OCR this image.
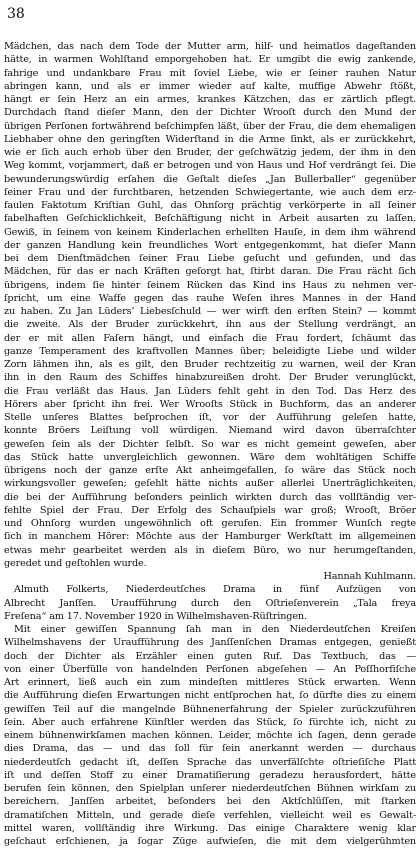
38
Mädchen, das nach dem Tode der Mutter arm, hilf- und heimatlos dageſtanden
hätte, in warmen Wohlſtand emporgehoben hat. Er umgibt die ewig zankende,
fahrige und undankbare Frau mit ſoviel Liebe, wie er ſeiner rauhen Natur
abringen kann, und als er immer wieder auf kalte, muffige Abwehr ſtößt,
hängt er ſein Herz an ein armes, krankes Kätzchen, das er zärtlich pflegt.
Durchdach ſtand dieſer Mann, den der Dichter Wrooſt durch den Mund der
übrigen Perſonen fortwährend beſchimpfen läßt, über der Frau, die dem ehemaligen
Liebhaber ohne den geringſten Widerſtand in die Arme ſinkt, als er zurückkehrt,
wie er ſich auch erhob über den Bruder, der geſchwätzig jedem, der ihm in den
Weg kommt, vorjammert, daß er betrogen und von Haus und Hof verdrängt ſei. Die
bewunderungswürdig erſahen die Geſtalt dieſes „Jan Bullerballer“ gegenüber
ſeiner Frau und der furchtbaren, hetzenden Schwiegertante, wie auch dem erz-
faulen Faktotum Kriſtian Guhl, das Ohnſorg prächtig verkörperte in all ſeiner
fabelhaften Geſchicklichkeit, Beſchäftigung nicht in Arbeit ausarten zu laſſen.
Gewiß, in ſeinem von keinem Kinderlachen erhellten Hauſe, in dem ihm während
der ganzen Handlung kein freundliches Wort entgegenkommt, hat dieſer Mann
bei dem Dienſtmädchen ſeiner Frau Liebe geſucht und gefunden, und das
Mädchen, für das er nach Kräften geſorgt hat, ſtirbt daran. Die Frau rächt ſich
übrigens, indem ſie hinter ſeinem Rücken das Kind ins Haus zu nehmen ver-
ſpricht, um eine Waffe gegen das rauhe Weſen ihres Mannes in der Hand
zu haben. Zu Jan Lüders’ Liebesſchuld — wer wirft den erſten Stein? — kommt
die zweite. Als der Bruder zurückkehrt, ihn aus der Stellung verdrängt, an
der er mit allen Faſern hängt, und einfach die Frau fordert, ſchäumt das
ganze Temperament des kraftvollen Mannes über; beleidigte Liebe und wilder
Zorn lähmen ihn, als es gilt, den Bruder rechtzeitig zu warnen, weil der Kran
ihn in den Raum des Schiffes hinabzureißen droht. Der Bruder verunglückt,
die Frau verläßt das Haus. Jan Lüders fehlt geht in den Tod. Das Herz des
Hörers aber ſpricht ihn frei. Wer Wrooſts Stück in Buchform, das an anderer
Stelle unſeres Blattes beſprochen iſt, vor der Aufführung geleſen hatte,
konnte Bröers Leiſtung voll würdigen. Niemand wird davon überraſchter
geweſen ſein als der Dichter ſelbſt. So war es nicht gemeint geweſen, aber
das Stück hatte unvergleichlich gewonnen. Wäre dem wohltätigen Schiffe
übrigens noch der ganze erſte Akt anheimgefallen, ſo wäre das Stück noch
wirkungsvoller geweſen; geſehlt hätte nichts außer allerlei Unerträglichkeiten,
die bei der Aufführung beſonders peinlich wirkten durch das vollſtändig ver-
fehlte Spiel der Frau. Der Erfolg des Schauſpiels war groß; Wrooſt, Bröer
und Ohnſorg wurden ungewöhnlich oft gerufen. Ein frommer Wunſch regte
ſich in manchem Hörer: Möchte aus der Hamburger Werkſtatt im allgemeinen
etwas mehr gearbeitet werden als in dieſem Büro, wo nur herumgeſtanden,
geredet und geſtohlen wurde.
Hannah Kuhlmann.
Almuth Folkerts, Niederdeutſches Drama in fünf Aufzügen von
Albrecht Janſſen. Uraufführung durch den Oſtrieſenverein „Tala freya
Freſena“ am 17. November 1920 in Wilhelmshaven-Rüſtringen.
Mit einer gewiſſen Spannung ſah man in den Niederdeutſchen Kreiſen
Wilhelmshavens der Uraufführung des Janſſenſchen Dramas entgegen, genießt
doch der Dichter als Erzähler einen guten Ruf. Das Textbuch, das —
von einer Überfülle von handelnden Perſonen abgeſehen — An Poſſhorfiſche
Art erinnert, ließ auch ein zum mindeſten mittleres Stück erwarten. Wenn
die Aufführung dieſen Erwartungen nicht entſprochen hat, ſo dürfte dies zu einem
gewiſſen Teil auf die mangelnde Bühnenerfahrung der Spieler zurückzuführen
ſein. Aber auch erfahrene Künſtler werden das Stück, ſo fürchte ich, nicht zu
einem bühnenwirkſamen machen können. Leider, möchte ich ſagen, denn gerade
dies Drama, das — und das ſoll für ſein anerkannt werden — durchaus
niederdeutſch gedacht iſt, deſſen Sprache das unverfälſchte oſtrieſiſche Platt
iſt und deſſen Stoff zu einer Dramatiſierung geradezu herausfordert, hätte
berufen ſein können, den Spielplan unſerer niederdeutſchen Bühnen wirkſam zu
bereichern. Janſſen arbeitet, beſonders bei den Aktſchlüſſen, mit ſtarken
dramatiſchen Mitteln, und gerade dieſe verfehlen, vielleicht weil es Gewalt-
mittel waren, vollſtändig ihre Wirkung. Das einige Charaktere wenig klar
geſchaut erſchienen, ja ſogar Züge aufwieſen, die mit dem vielgerühmten
